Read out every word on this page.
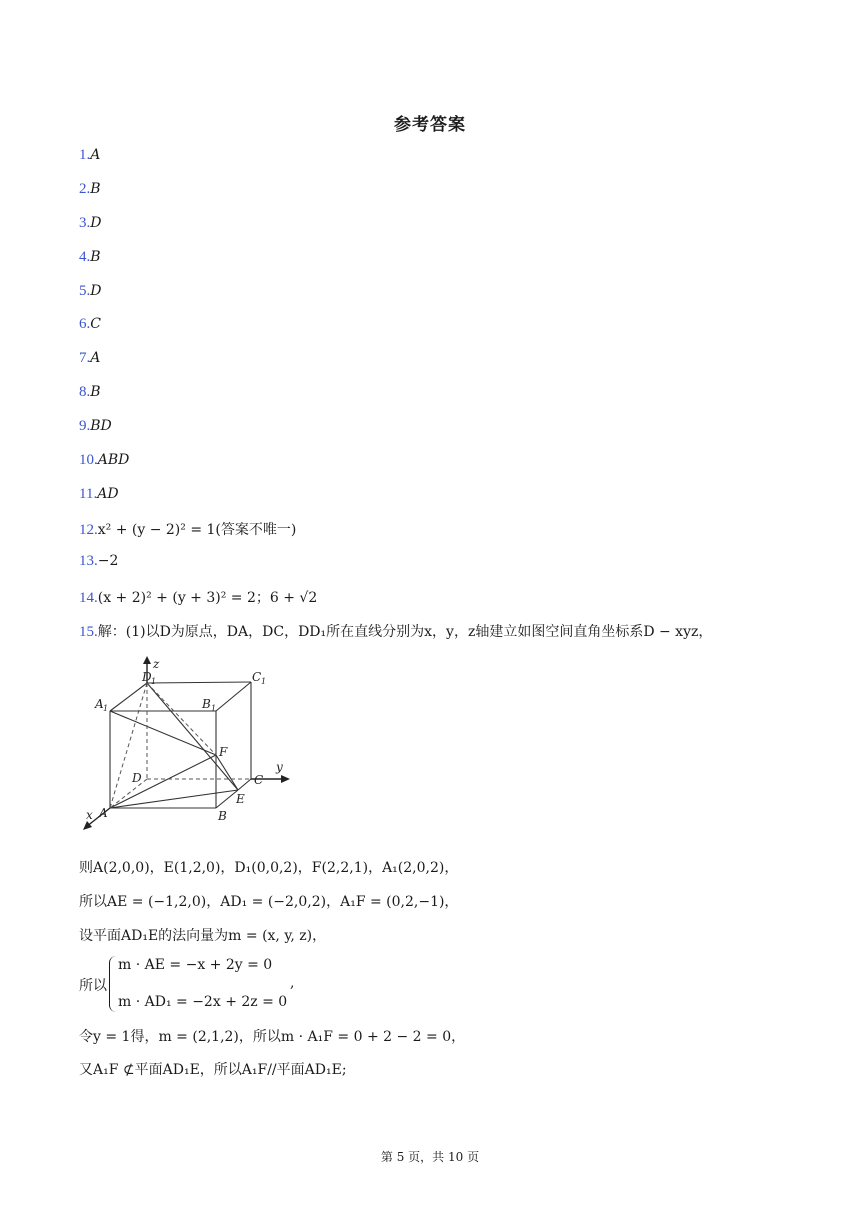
参考答案
1.A
2.B
3.D
4.B
5.D
6.C
7.A
8.B
9.BD
10.ABD
11.AD
12.x² + (y − 2)² = 1(答案不唯一)
13.−2
14.(x + 2)² + (y + 3)² = 2；6 + √2
15.解：(1)以D为原点，DA，DC，DD₁所在直线分别为x，y，z轴建立如图空间直角坐标系D − xyz，
z
y
x
D 1	C 1
A 1	B 1
F
D	C
E
A	B
则A(2,0,0)，E(1,2,0)，D₁(0,0,2)，F(2,2,1)，A₁(2,0,2)，
所以AE = (−1,2,0)，AD₁ = (−2,0,2)，A₁F = (0,2,−1)，
设平面AD₁E的法向量为m = (x, y, z)，
所以
m · AE = −x + 2y = 0
m · AD₁ = −2x + 2z = 0
,
令y = 1得，m = (2,1,2)，所以m · A₁F = 0 + 2 − 2 = 0，
又A₁F ⊄平面AD₁E，所以A₁F//平面AD₁E;
第 5 页，共 10 页
